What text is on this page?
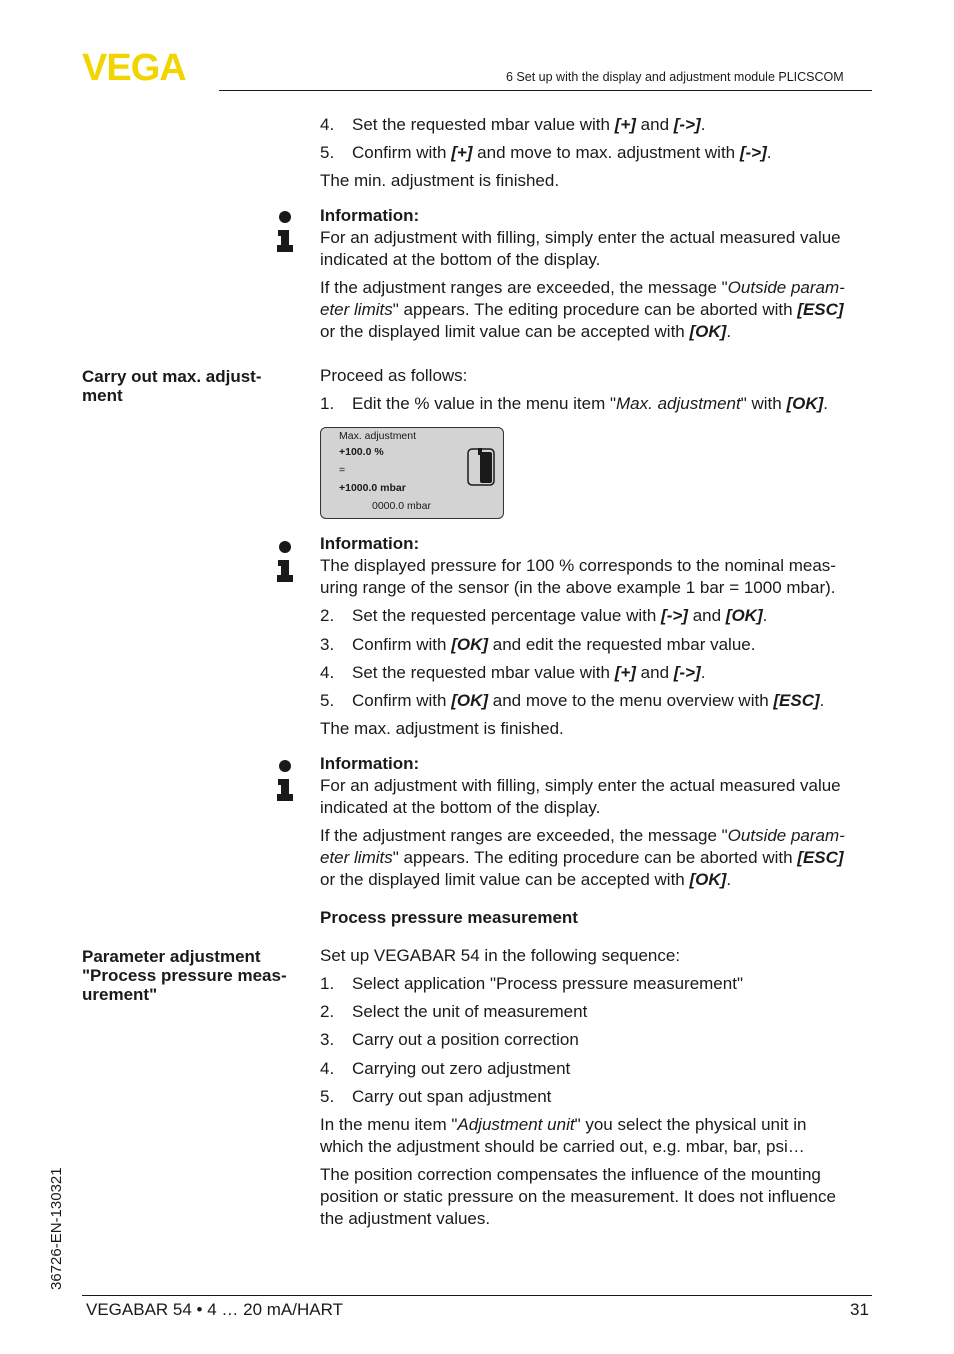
VEGA	6 Set up with the display and adjustment module PLICSCOM
4. Set the requested mbar value with [+] and [->].
5. Confirm with [+] and move to max. adjustment with [->].
The min. adjustment is finished.
Information:
For an adjustment with filling, simply enter the actual measured value
indicated at the bottom of the display.
If the adjustment ranges are exceeded, the message "Outside param-
eter limits" appears. The editing procedure can be aborted with [ESC]
or the displayed limit value can be accepted with [OK].
Carry out max. adjust-
ment
Proceed as follows:
1. Edit the % value in the menu item "Max. adjustment" with [OK].
Max. adjustment
+100.0 %
=
+1000.0 mbar
0000.0 mbar
Information:
The displayed pressure for 100 % corresponds to the nominal meas-
uring range of the sensor (in the above example 1 bar = 1000 mbar).
2. Set the requested percentage value with [->] and [OK].
3. Confirm with [OK] and edit the requested mbar value.
4. Set the requested mbar value with [+] and [->].
5. Confirm with [OK] and move to the menu overview with [ESC].
The max. adjustment is finished.
Information:
For an adjustment with filling, simply enter the actual measured value
indicated at the bottom of the display.
If the adjustment ranges are exceeded, the message "Outside param-
eter limits" appears. The editing procedure can be aborted with [ESC]
or the displayed limit value can be accepted with [OK].
Process pressure measurement
Parameter adjustment
"Process pressure meas-
urement"
Set up VEGABAR 54 in the following sequence:
1. Select application "Process pressure measurement"
2. Select the unit of measurement
3. Carry out a position correction
4. Carrying out zero adjustment
5. Carry out span adjustment
In the menu item "Adjustment unit" you select the physical unit in
which the adjustment should be carried out, e.g. mbar, bar, psi…
The position correction compensates the influence of the mounting
position or static pressure on the measurement. It does not influence
the adjustment values.
36726-EN-130321
VEGABAR 54 • 4 … 20 mA/HART	31
